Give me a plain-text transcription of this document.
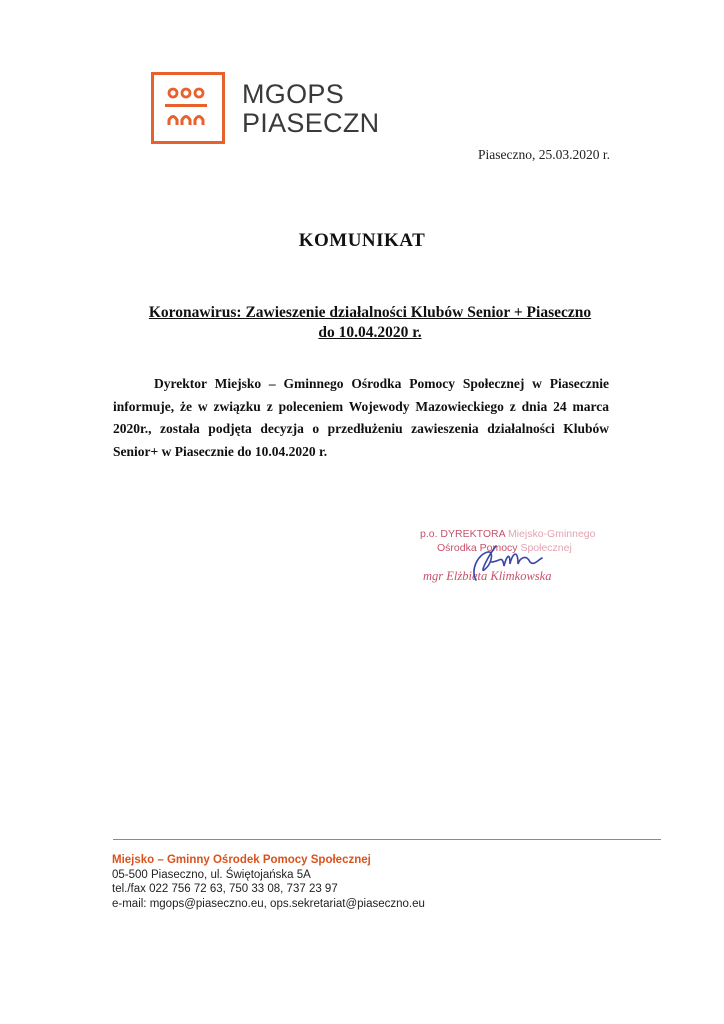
MGOPS
PIASECZN
Piaseczno, 25.03.2020 r.
KOMUNIKAT
Koronawirus: Zawieszenie działalności Klubów Senior + Piaseczno
do 10.04.2020 r.
Dyrektor Miejsko – Gminnego Ośrodka Pomocy Społecznej w Piasecznie informuje, że w związku z poleceniem Wojewody Mazowieckiego z dnia 24 marca 2020r., została podjęta decyzja o przedłużeniu zawieszenia działalności Klubów Senior+ w Piasecznie do 10.04.2020 r.
p.o. DYREKTORA Miejsko-Gminnego
Ośrodka Pomocy Społecznej
mgr Elżbieta Klimkowska
Miejsko – Gminny Ośrodek Pomocy Społecznej
05-500 Piaseczno, ul. Świętojańska 5A
tel./fax 022 756 72 63, 750 33 08, 737 23 97
e-mail: mgops@piaseczno.eu, ops.sekretariat@piaseczno.eu
